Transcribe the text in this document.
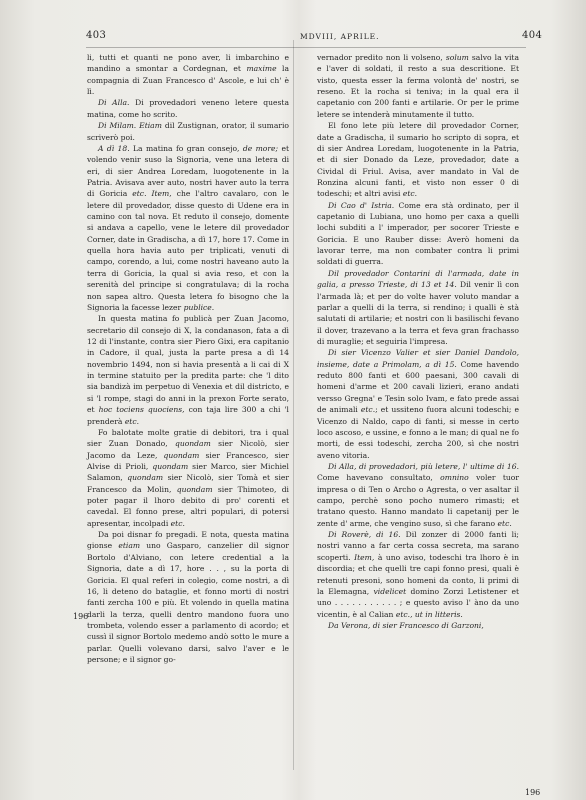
403	MDVIII, APRILE.	404

li, tutti et quanti ne pono aver, li imbarchino e mandino a smontar a Cordegnan, et maxime la compagnia di Zuan Francesco d' Ascole, e lui ch' è lì.

Di Alla. Di provedadori veneno letere questa matina, come ho scrito.

Di Milam. Etiam dil Zustignan, orator, il sumario scriverò poi.

A dì 18. La matina fo gran consejo, de more; et volendo venir suso la Signoria, vene una letera di eri, di sier Andrea Loredam, luogotenente in la Patria. Avisava aver auto, nostri haver auto la terra di Goricia etc. Item, che l'altro cavalaro, con le letere dil provedador, disse questo di Udene era in camino con tal nova. Et reduto il consejo, domente si andava a capello, vene le letere dil provedador Corner, date in Gradischa, a dì 17, hore 17. Come in quella hora havia auto per triplicati, venuti di campo, corendo, a lui, come nostri haveano auto la terra di Goricia, la qual si avia reso, et con la serenità del principe si congratulava; di la rocha non sapea altro. Questa letera fo bisogno che la Signoria la facesse lezer publice.

In questa matina fo publicà per Zuan Jacomo, secretario dil consejo di X, la condanason, fata a dì 12 di l'instante, contra sier Piero Gixi, era capitanio in Cadore, il qual, justa la parte presa a dì 14 novembrio 1494, non si havia presentà a li cai di X in termine statuito per la predita parte: che 'l dito sia bandizà im perpetuo di Venexia et dil districto, e si 'l rompe, stagi do anni in la prexon Forte serato, et hoc tociens quociens, con taja lire 300 a chi 'l prenderà etc.

Fo balotate molte gratie di debitori, tra i qual sier Zuan Donado, quondam sier Nicolò, sier Jacomo da Leze, quondam sier Francesco, sier Alvise di Prioli, quondam sier Marco, sier Michiel Salamon, quondam sier Nicolò, sier Tomà et sier Francesco da Molin, quondam sier Thimoteo, di poter pagar il lhoro debito di pro' corenti et cavedal. El fonno prese, altri populari, di potersi apresentar, incolpadi etc.

Da poi disnar fo pregadi. E nota, questa matina gionse etiam uno Gasparo, canzelier dil signor Bortolo d'Alviano, con letere credential a la Signoria, date a dì 17, hore . . , su la porta di Goricia. El qual referi in colegio, come nostri, a dì 16, li deteno do bataglie, et fonno morti di nostri fanti zercha 100 e più. Et volendo in quella matina darli la terza, quelli dentro mandono fuora uno trombeta, volendo esser a parlamento di acordo; et cussì il signor Bortolo medemo andò sotto le mure a parlar. Quelli volevano darsi, salvo l'aver e le persone; e il signor go-

vernador predito non li volseno, solum salvo la vita e l'aver di soldati, il resto a sua descritione. Et visto, questa esser la ferma volontà de' nostri, se reseno. Et la rocha si teniva; in la qual era il capetanio con 200 fanti e artilarie. Or per le prime letere se intenderà minutamente il tutto.

El fono lete più letere dil provedador Corner, date a Gradischa, il sumario ho scripto di sopra, et di sier Andrea Loredam, luogotenente in la Patria, et di sier Donado da Leze, provedador, date a Cividal di Friul. Avisa, aver mandato in Val de Ronzina alcuni fanti, et visto non esser 0 di todeschi; et altri avisi etc.

Di Cao d' Istria. Come era stà ordinato, per il capetanio di Lubiana, uno homo per caxa a quelli lochi subditi a l' imperador, per socorer Trieste e Goricia. E uno Rauber disse: Averò homeni da lavorar terre, ma non combater contra li primi soldati di guerra.

Dil provedador Contarini di l'armada, date in galia, a presso Trieste, di 13 et 14. Dil venir lì con l'armada là; et per do volte haver voluto mandar a parlar a quelli di la terra, si rendino; i qualli è stà salutati di artilarie; et nostri con li basilischi fevano il dover, trazevano a la terra et feva gran frachasso di muraglie; et seguiria l'impresa.

Di sier Vicenzo Valier et sier Daniel Dandolo, insieme, date a Primolam, a dì 15. Come havendo reduto 800 fanti et 600 paesani, 300 cavali di homeni d'arme et 200 cavali lizieri, erano andati versso Gregna' e Tesin solo Ivam, e fato prede assai de animali etc.; et ussiteno fuora alcuni todeschi; e Vicenzo di Naldo, capo di fanti, si messe in certo loco ascoso, e ussine, e fonno a le man; di qual ne fo morti, de essi todeschi, zercha 200, sì che nostri aveno vitoria.

Di Alla, di provedadori, più letere, l' ultime di 16. Come havevano consultato, omnino voler tuor impresa o di Ten o Archo o Agresta, o ver asaltar il campo, perchè sono pocho numero rimasti; et tratano questo. Hanno mandato li capetanij per le zente d' arme, che vengino suso, sì che farano etc.

Di Roverè, di 16. Dil zonzer di 2000 fanti li; nostri vanno a far certa cossa secreta, ma sarano scoperti. Item, à uno aviso, todeschi tra lhoro è in discordia; et che quelli tre capi fonno presi, quali è retenuti presoni, sono homeni da conto, li primi di la Elemagna, videlicet domino Zorzi Letistener et uno . . . . . . . . . . . ; e questo aviso l' àno da uno vicentin, è al Calian etc., ut in litteris.

Da Verona, di sier Francesco di Garzoni,

196
196
